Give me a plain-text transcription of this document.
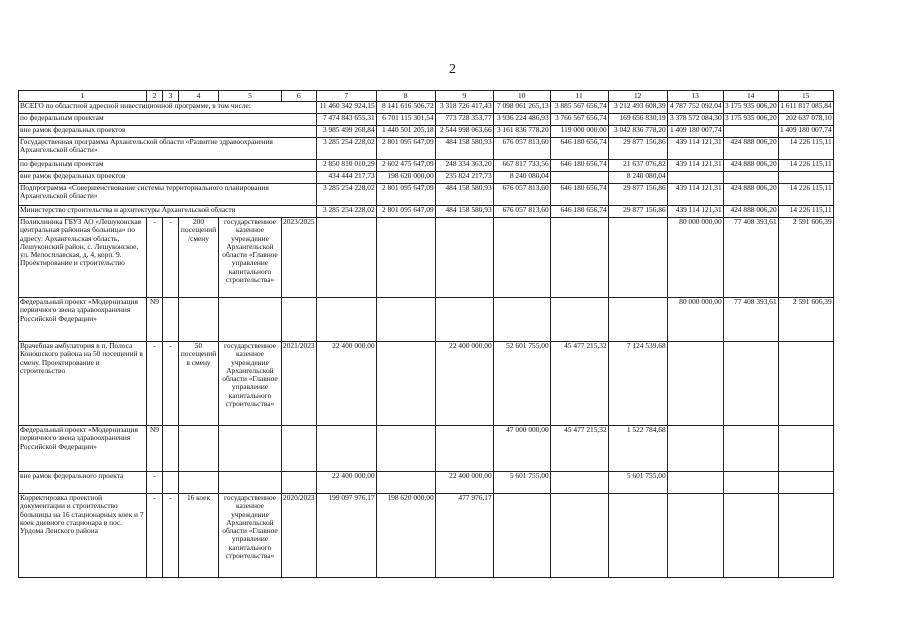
2
1	2	3	4	5	6	7	8	9	10	11	12	13	14	15
ВСЕГО по областной адресной инвестиционной программе, в том числе:						11 460 342 924,15	8 141 616 506,72	3 318 726 417,43	7 098 061 265,13	3 885 567 656,74	3 212 493 608,39	4 787 752 092,04	3 175 935 006,20	1 611 817 085,84
по федеральным проектам						7 474 843 655,31	6 701 115 301,54	773 728 353,77	3 936 224 486,93	3 766 567 656,74	169 656 830,19	3 378 572 084,30	3 175 935 006,20	202 637 078,10
вне рамок федеральных проектов						3 985 499 268,84	1 440 501 205,18	2 544 998 063,66	3 161 836 778,20	119 000 000,00	3 042 836 778,20	1 409 180 007,74		1 409 180 007,74
Государственная программа Архангельской области «Развитие здравоохранения Архангельской области»						3 285 254 228,02	2 801 095 647,09	484 158 580,93	676 057 813,60	646 180 656,74	29 877 156,86	439 114 121,31	424 888 006,20	14 226 115,11
по федеральным проектам						2 850 810 010,29	2 602 475 647,09	248 334 363,20	667 817 733,56	646 180 656,74	21 637 076,82	439 114 121,31	424 888 006,20	14 226 115,11
вне рамок федеральных проектов						434 444 217,73	198 620 000,00	235 824 217,73	8 240 080,04		8 240 080,04			
Подпрограмма «Совершенствование системы территориального планирования Архангельской области»						3 285 254 228,02	2 801 095 647,09	484 158 580,93	676 057 813,60	646 180 656,74	29 877 156,86	439 114 121,31	424 888 006,20	14 226 115,11
Министерство строительства и архитектуры Архангельской области						3 285 254 228,02	2 801 095 647,09	484 158 580,93	676 057 813,60	646 180 656,74	29 877 156,86	439 114 121,31	424 888 006,20	14 226 115,11
Поликлиника ГБУЗ АО «Лешуконская центральная районная больница» по адресу: Архангельская область, Лешуконский район, с. Лешуконское, ул. Мелосплавская, д. 4, корп. 9. Проектирование и строительство	-	-	200 посещений /смену	государственное казенное учреждение Архангельской области «Главное управление капитального строительства»	2023/2025							80 000 000,00	77 408 393,61	2 591 606,39
Федеральный проект «Модернизация первичного звена здравоохранения Российской Федерации»	N9											80 000 000,00	77 408 393,61	2 591 606,39
Врачебная амбулатория в п. Полоса Коношского района на 50 посещений в смену. Проектирование и строительство	-	-	50 посещений в смену	государственное казенное учреждение Архангельской области «Главное управление капитального строительства»	2021/2023	22 400 000,00		22 400 000,00	52 601 755,00	45 477 215,32	7 124 539,68			
Федеральный проект «Модернизация первичного звена здравоохранения Российской Федерации»	N9								47 000 000,00	45 477 215,32	1 522 784,68			
вне рамок федерального проекта	-					22 400 000,00		22 400 000,00	5 601 755,00		5 601 755,00			
Корректировка проектной документации и строительство больницы на 16 стационарных коек и 7 коек дневного стационара в пос. Урдома Ленского района	-	-	16 коек	государственное казенное учреждение Архангельской области «Главное управление капитального строительства»	2020/2023	199 097 976,17	198 620 000,00	477 976,17						
